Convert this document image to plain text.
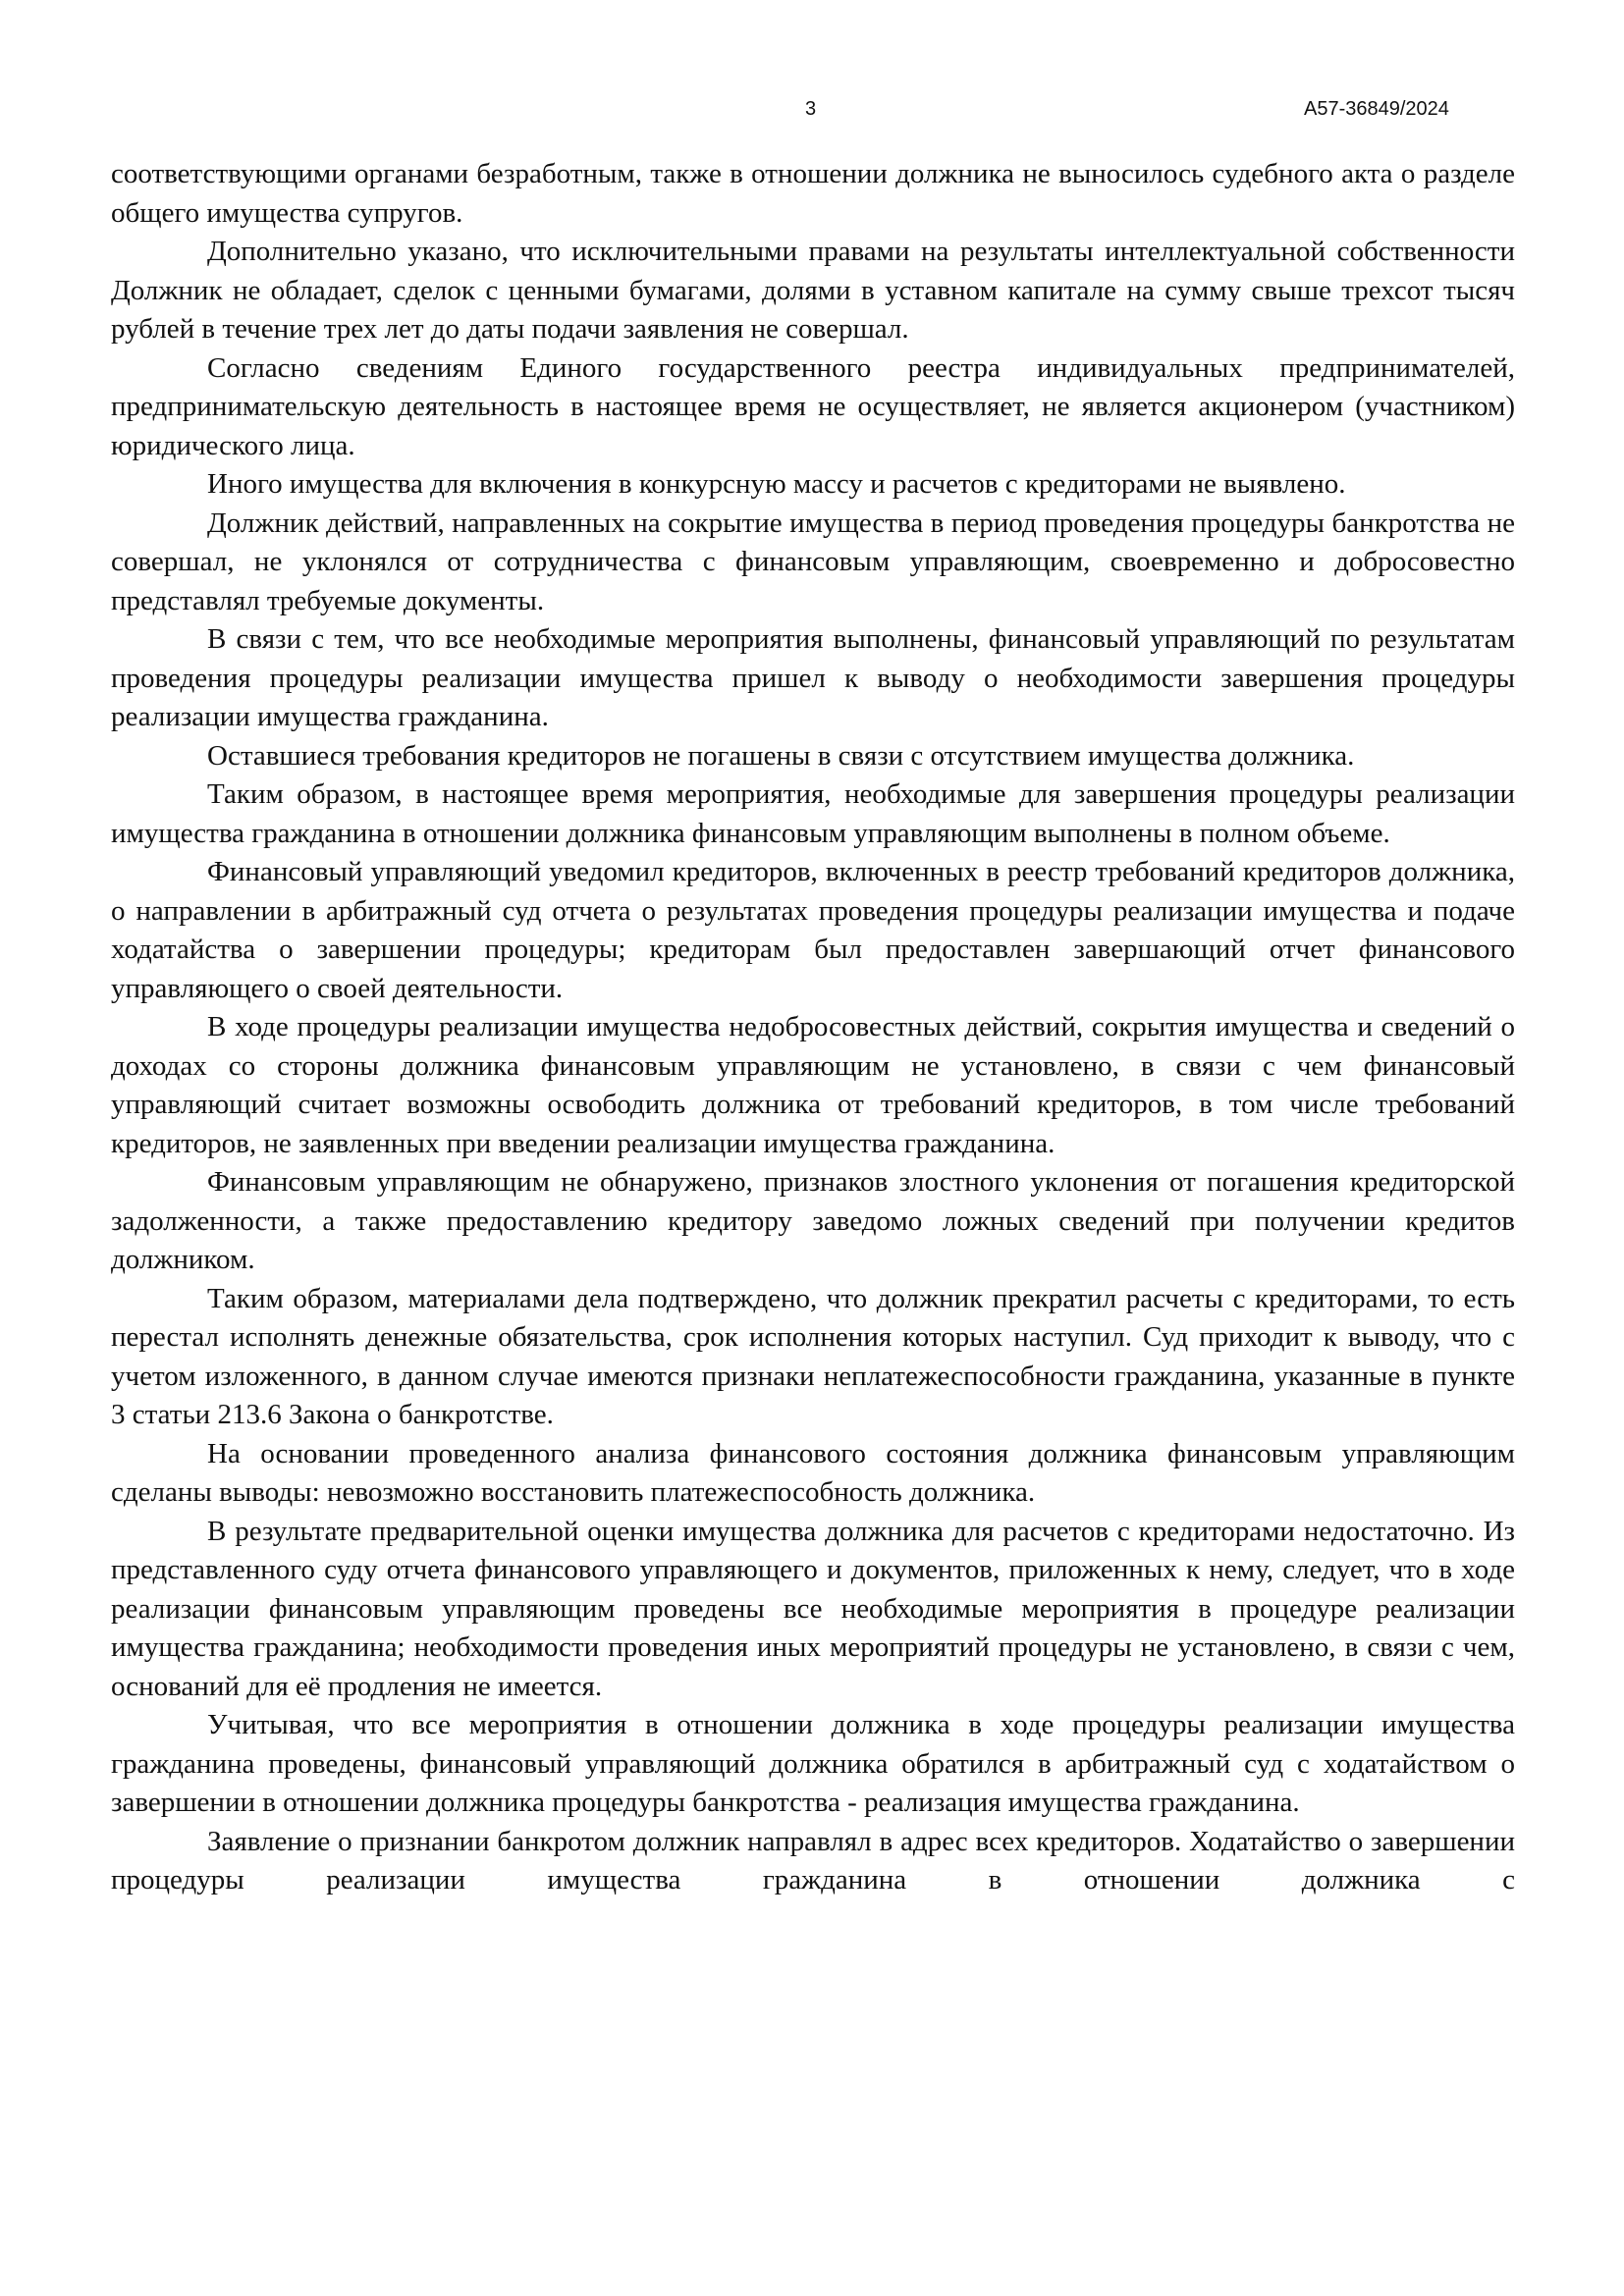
3	А57-36849/2024

соответствующими органами безработным, также в отношении должника не выносилось судебного акта о разделе общего имущества супругов.

Дополнительно указано, что исключительными правами на результаты интеллектуальной собственности Должник не обладает, сделок с ценными бумагами, долями в уставном капитале на сумму свыше трехсот тысяч рублей в течение трех лет до даты подачи заявления не совершал.

Согласно сведениям Единого государственного реестра индивидуальных предпринимателей, предпринимательскую деятельность в настоящее время не осуществляет, не является акционером (участником) юридического лица.

Иного имущества для включения в конкурсную массу и расчетов с кредиторами не выявлено.

Должник действий, направленных на сокрытие имущества в период проведения процедуры банкротства не совершал, не уклонялся от сотрудничества с финансовым управляющим, своевременно и добросовестно представлял требуемые документы.

В связи с тем, что все необходимые мероприятия выполнены, финансовый управляющий по результатам проведения процедуры реализации имущества пришел к выводу о необходимости завершения процедуры реализации имущества гражданина.

Оставшиеся требования кредиторов не погашены в связи с отсутствием имущества должника.

Таким образом, в настоящее время мероприятия, необходимые для завершения процедуры реализации имущества гражданина в отношении должника финансовым управляющим выполнены в полном объеме.

Финансовый управляющий уведомил кредиторов, включенных в реестр требований кредиторов должника, о направлении в арбитражный суд отчета о результатах проведения процедуры реализации имущества и подаче ходатайства о завершении процедуры; кредиторам был предоставлен завершающий отчет финансового управляющего о своей деятельности.

В ходе процедуры реализации имущества недобросовестных действий, сокрытия имущества и сведений о доходах со стороны должника финансовым управляющим не установлено, в связи с чем финансовый управляющий считает возможны освободить должника от требований кредиторов, в том числе требований кредиторов, не заявленных при введении реализации имущества гражданина.

Финансовым управляющим не обнаружено, признаков злостного уклонения от погашения кредиторской задолженности, а также предоставлению кредитору заведомо ложных сведений при получении кредитов должником.

Таким образом, материалами дела подтверждено, что должник прекратил расчеты с кредиторами, то есть перестал исполнять денежные обязательства, срок исполнения которых наступил. Суд приходит к выводу, что с учетом изложенного, в данном случае имеются признаки неплатежеспособности гражданина, указанные в пункте 3 статьи 213.6 Закона о банкротстве.

На основании проведенного анализа финансового состояния должника финансовым управляющим сделаны выводы: невозможно восстановить платежеспособность должника.

В результате предварительной оценки имущества должника для расчетов с кредиторами недостаточно. Из представленного суду отчета финансового управляющего и документов, приложенных к нему, следует, что в ходе реализации финансовым управляющим проведены все необходимые мероприятия в процедуре реализации имущества гражданина; необходимости проведения иных мероприятий процедуры не установлено, в связи с чем, оснований для её продления не имеется.

Учитывая, что все мероприятия в отношении должника в ходе процедуры реализации имущества гражданина проведены, финансовый управляющий должника обратился в арбитражный суд с ходатайством о завершении в отношении должника процедуры банкротства - реализация имущества гражданина.

Заявление о признании банкротом должник направлял в адрес всех кредиторов. Ходатайство о завершении процедуры реализации имущества гражданина в отношении должника с
